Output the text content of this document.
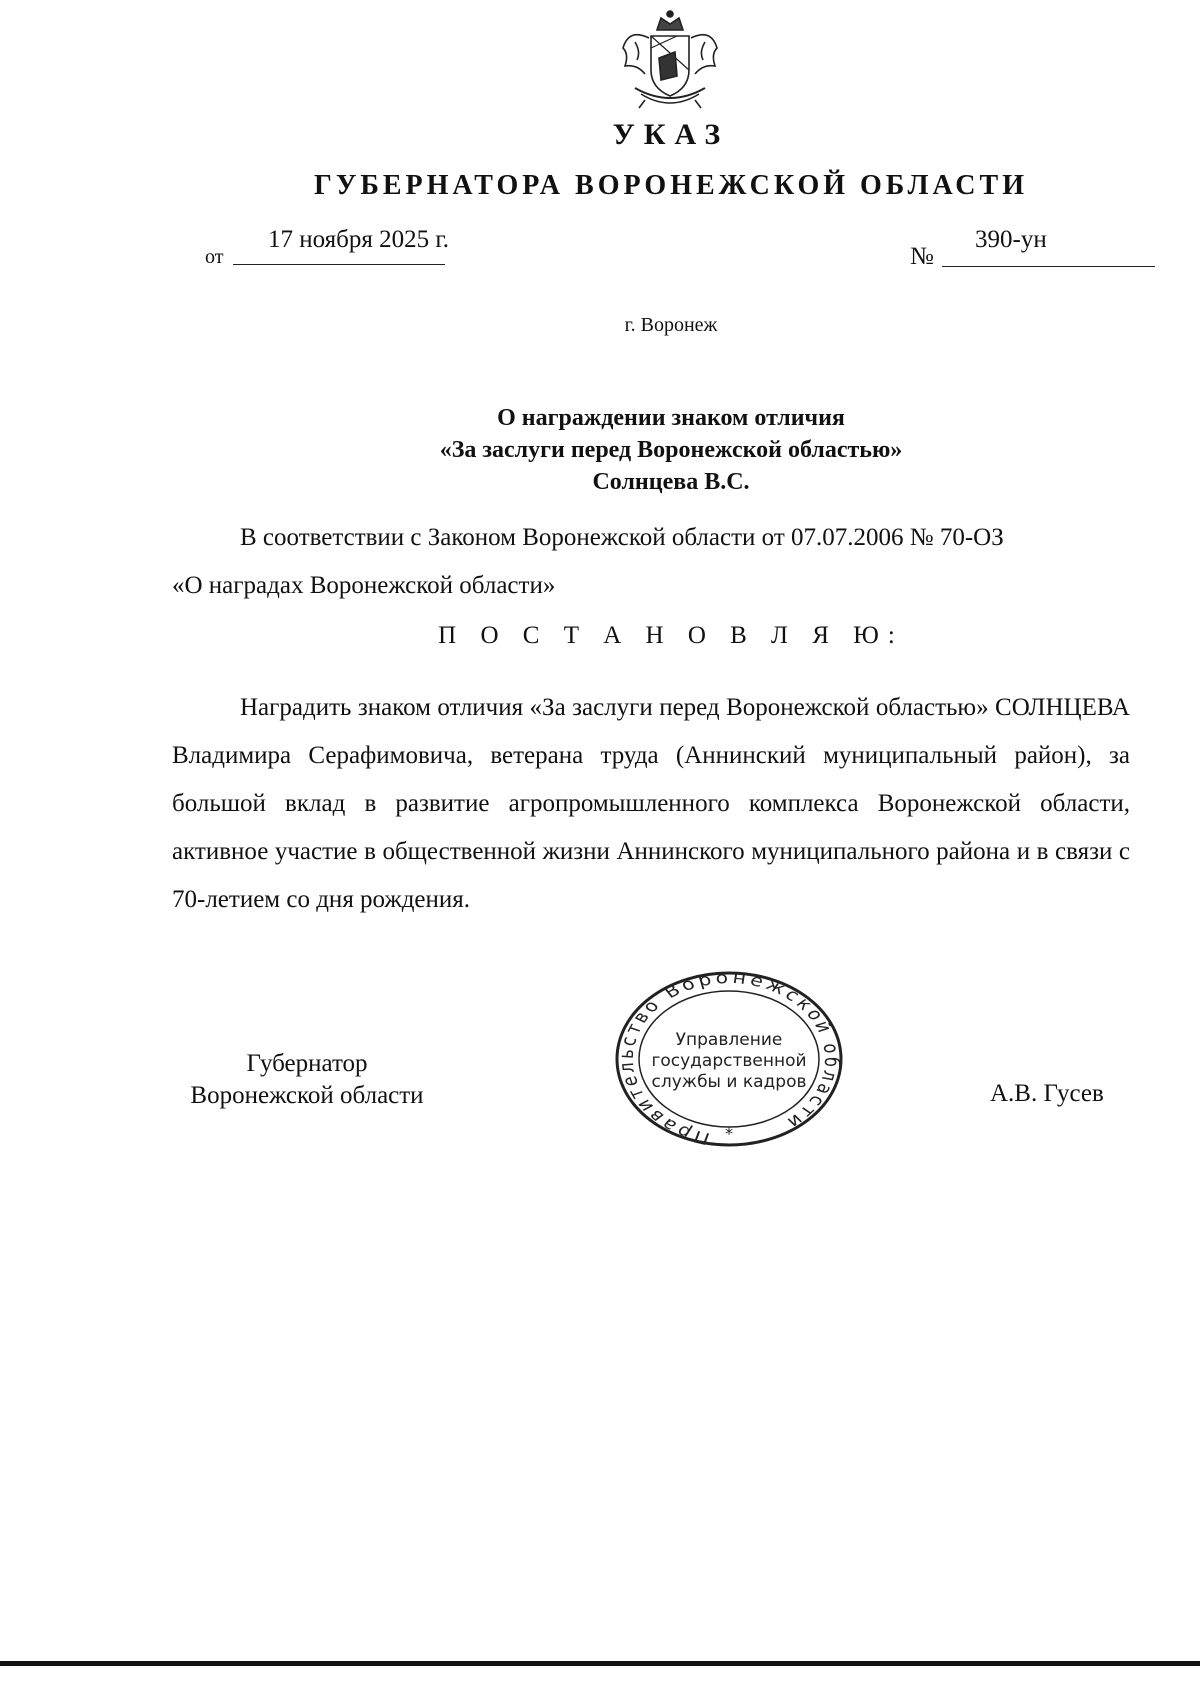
УКАЗ
ГУБЕРНАТОРА ВОРОНЕЖСКОЙ ОБЛАСТИ
от
17 ноября 2025 г.
№
390-ун
г. Воронеж
О награждении знаком отличия
«За заслуги перед Воронежской областью»
Солнцева В.С.
В соответствии с Законом Воронежской области от 07.07.2006 № 70-ОЗ
«О наградах Воронежской области»
П О С Т А Н О В Л Я Ю:
Наградить знаком отличия «За заслуги перед Воронежской областью» СОЛНЦЕВА Владимира Серафимовича, ветерана труда (Аннинский муниципальный район), за большой вклад в развитие агропромышленного комплекса Воронежской области, активное участие в общественной жизни Аннинского муниципального района и в связи с 70-летием со дня рождения.
Губернатор
Воронежской области	А.В. Гусев
Правительство Воронежской области
Управление
государственной
службы и кадров
*
